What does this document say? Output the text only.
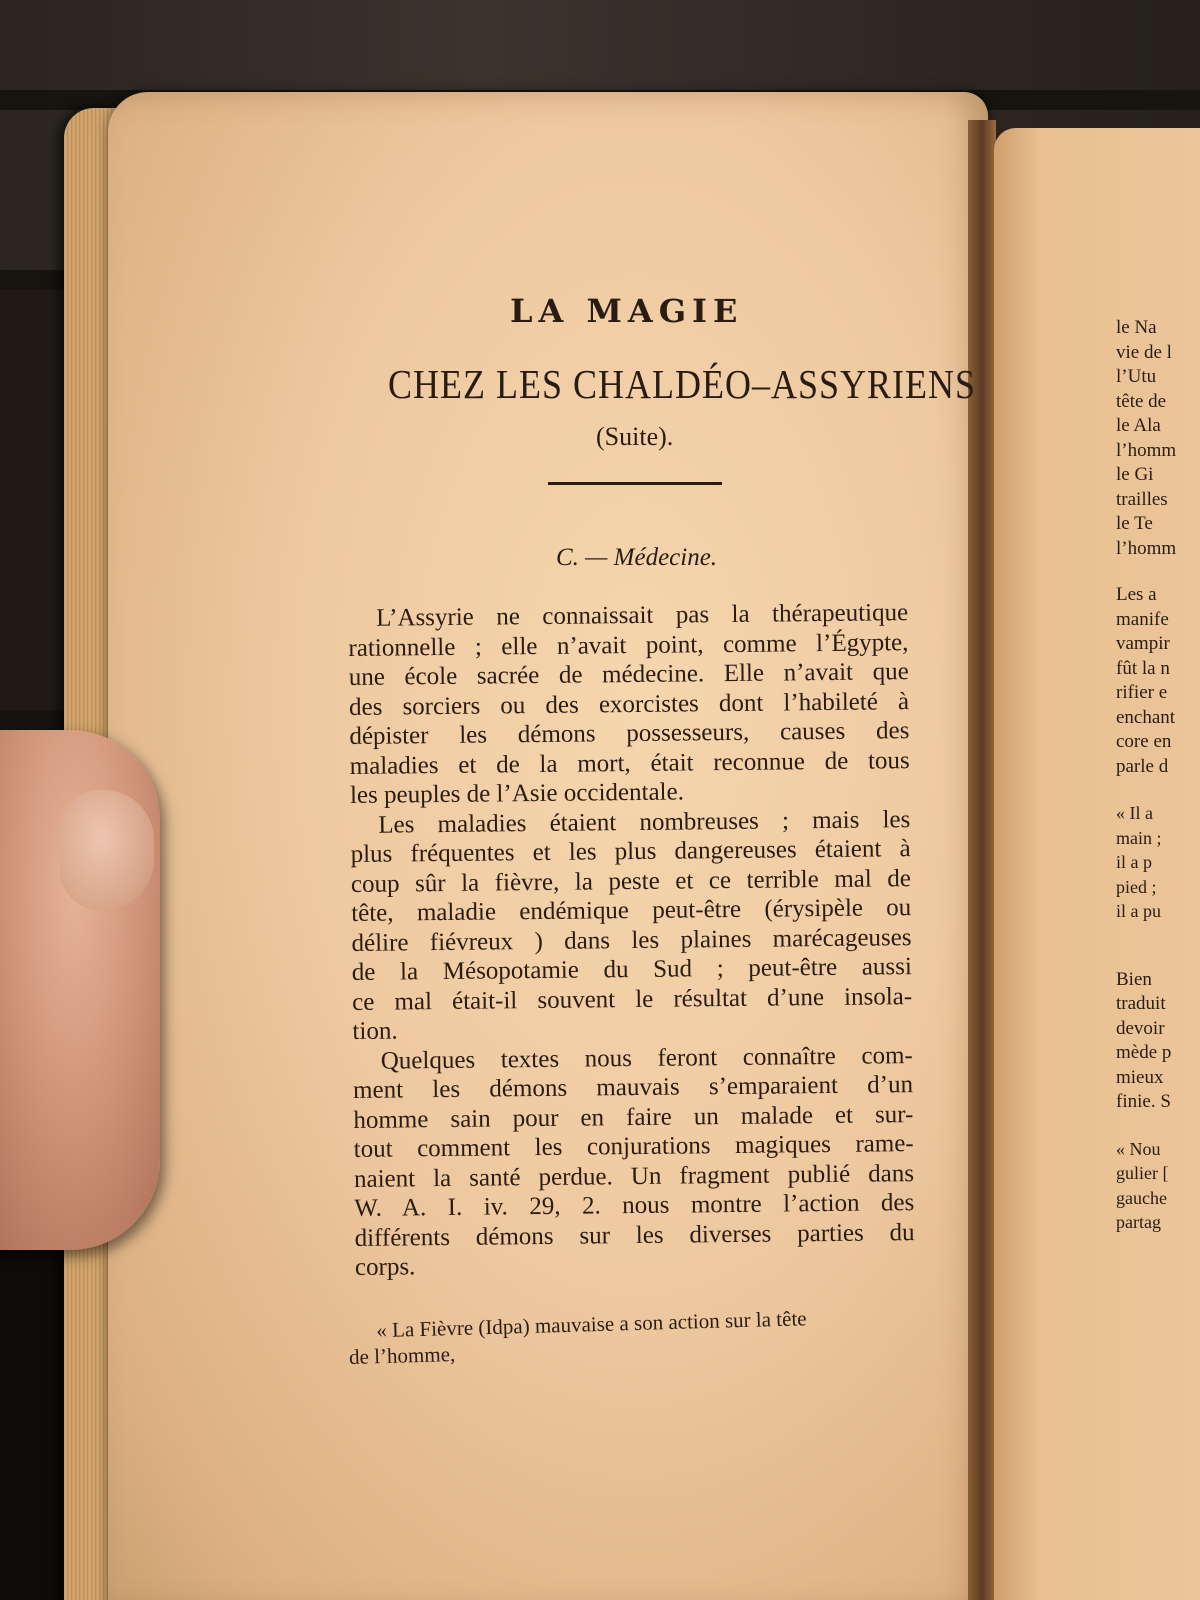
LA MAGIE
CHEZ LES CHALDÉO–ASSYRIENS
(Suite).
C. — Médecine.
L’Assyrie ne connaissait pas la thérapeutique
rationnelle ; elle n’avait point, comme l’Égypte,
une école sacrée de médecine. Elle n’avait que
des sorciers ou des exorcistes dont l’habileté à
dépister les démons possesseurs, causes des
maladies et de la mort, était reconnue de tous
les peuples de l’Asie occidentale.
Les maladies étaient nombreuses ; mais les
plus fréquentes et les plus dangereuses étaient à
coup sûr la fièvre, la peste et ce terrible mal de
tête, maladie endémique peut-être (érysipèle ou
délire fiévreux ) dans les plaines marécageuses
de la Mésopotamie du Sud ; peut-être aussi
ce mal était-il souvent le résultat d’une insola-
tion.
Quelques textes nous feront connaître com-
ment les démons mauvais s’emparaient d’un
homme sain pour en faire un malade et sur-
tout comment les conjurations magiques rame-
naient la santé perdue. Un fragment publié dans
W. A. I. iv. 29, 2. nous montre l’action des
différents démons sur les diverses parties du
corps.
« La Fièvre (Idpa) mauvaise a son action sur la tête
de l’homme,
le Na
vie de l
l’Utu
tête de
le Ala
l’homm
le Gi
trailles
le Te
l’homm
Les a
manife
vampir
fût la n
rifier e
enchant
core en
parle d
« Il a
main ;
il a p
pied ;
il a pu
Bien
traduit
devoir
mède p
mieux
finie. S
« Nou
gulier [
gauche
partag
